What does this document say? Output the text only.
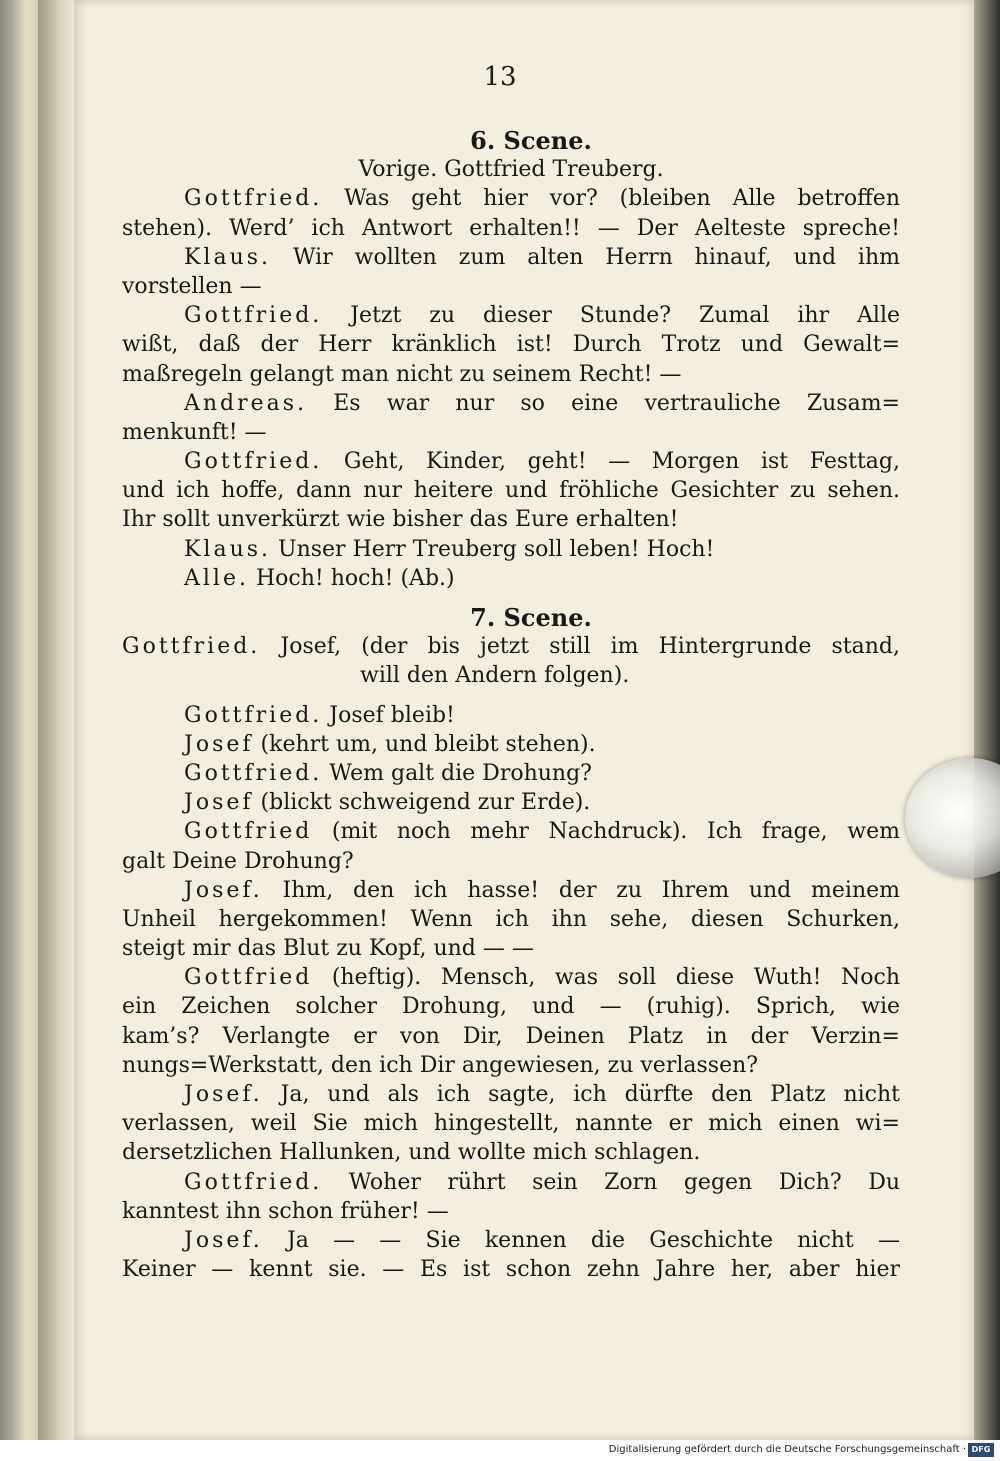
13
6. Scene.
Vorige. Gottfried Treuberg.
Gottfried. Was geht hier vor? (bleiben Alle betroffen
stehen). Werd’ ich Antwort erhalten!! — Der Aelteste spreche!
Klaus. Wir wollten zum alten Herrn hinauf, und ihm
vorstellen —
Gottfried. Jetzt zu dieser Stunde? Zumal ihr Alle
wißt, daß der Herr kränklich ist! Durch Trotz und Gewalt=
maßregeln gelangt man nicht zu seinem Recht! —
Andreas. Es war nur so eine vertrauliche Zusam=
menkunft! —
Gottfried. Geht, Kinder, geht! — Morgen ist Festtag,
und ich hoffe, dann nur heitere und fröhliche Gesichter zu sehen.
Ihr sollt unverkürzt wie bisher das Eure erhalten!
Klaus. Unser Herr Treuberg soll leben! Hoch!
Alle. Hoch! hoch! (Ab.)
7. Scene.
Gottfried. Josef, (der bis jetzt still im Hintergrunde stand,
will den Andern folgen).
Gottfried. Josef bleib!
Josef (kehrt um, und bleibt stehen).
Gottfried. Wem galt die Drohung?
Josef (blickt schweigend zur Erde).
Gottfried (mit noch mehr Nachdruck). Ich frage, wem
galt Deine Drohung?
Josef. Ihm, den ich hasse! der zu Ihrem und meinem
Unheil hergekommen! Wenn ich ihn sehe, diesen Schurken,
steigt mir das Blut zu Kopf, und — —
Gottfried (heftig). Mensch, was soll diese Wuth! Noch
ein Zeichen solcher Drohung, und — (ruhig). Sprich, wie
kam’s? Verlangte er von Dir, Deinen Platz in der Verzin=
nungs=Werkstatt, den ich Dir angewiesen, zu verlassen?
Josef. Ja, und als ich sagte, ich dürfte den Platz nicht
verlassen, weil Sie mich hingestellt, nannte er mich einen wi=
dersetzlichen Hallunken, und wollte mich schlagen.
Gottfried. Woher rührt sein Zorn gegen Dich? Du
kanntest ihn schon früher! —
Josef. Ja — — Sie kennen die Geschichte nicht —
Keiner — kennt sie. — Es ist schon zehn Jahre her, aber hier
Digitalisierung gefördert durch die Deutsche Forschungsgemeinschaft · DFG
